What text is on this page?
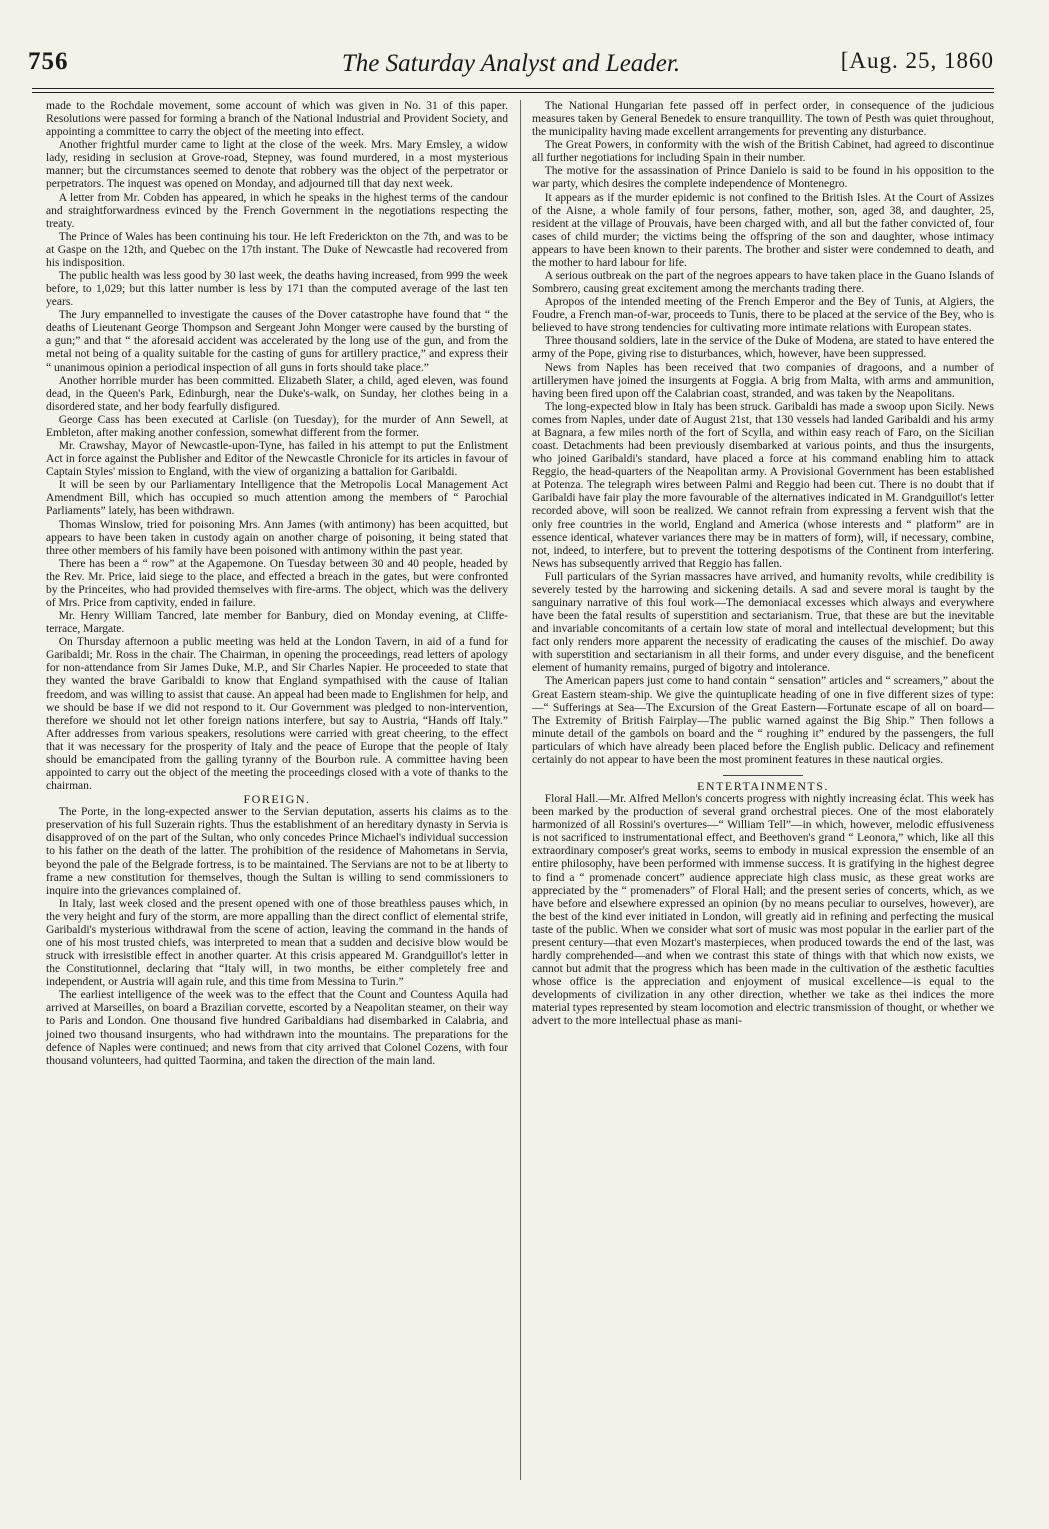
756	The Saturday Analyst and Leader.	[Aug. 25, 1860

made to the Rochdale movement, some account of which was given in No. 31 of this paper. Resolutions were passed for forming a branch of the National Industrial and Provident Society, and appointing a committee to carry the object of the meeting into effect.

Another frightful murder came to light at the close of the week. Mrs. Mary Emsley, a widow lady, residing in seclusion at Grove-road, Stepney, was found murdered, in a most mysterious manner; but the circumstances seemed to denote that robbery was the object of the perpetrator or perpetrators. The inquest was opened on Monday, and adjourned till that day next week.

A letter from Mr. Cobden has appeared, in which he speaks in the highest terms of the candour and straightforwardness evinced by the French Government in the negotiations respecting the treaty.

The Prince of Wales has been continuing his tour. He left Frederickton on the 7th, and was to be at Gaspe on the 12th, and Quebec on the 17th instant. The Duke of Newcastle had recovered from his indisposition.

The public health was less good by 30 last week, the deaths having increased, from 999 the week before, to 1,029; but this latter number is less by 171 than the computed average of the last ten years.

The Jury empannelled to investigate the causes of the Dover catastrophe have found that “ the deaths of Lieutenant George Thompson and Sergeant John Monger were caused by the bursting of a gun;” and that “ the aforesaid accident was accelerated by the long use of the gun, and from the metal not being of a quality suitable for the casting of guns for artillery practice,” and express their “ unanimous opinion a periodical inspection of all guns in forts should take place.”

Another horrible murder has been committed. Elizabeth Slater, a child, aged eleven, was found dead, in the Queen's Park, Edinburgh, near the Duke's-walk, on Sunday, her clothes being in a disordered state, and her body fearfully disfigured.

George Cass has been executed at Carlisle (on Tuesday), for the murder of Ann Sewell, at Embleton, after making another confession, somewhat different from the former.

Mr. Crawshay, Mayor of Newcastle-upon-Tyne, has failed in his attempt to put the Enlistment Act in force against the Publisher and Editor of the Newcastle Chronicle for its articles in favour of Captain Styles' mission to England, with the view of organizing a battalion for Garibaldi.

It will be seen by our Parliamentary Intelligence that the Metropolis Local Management Act Amendment Bill, which has occupied so much attention among the members of “ Parochial Parliaments” lately, has been withdrawn.

Thomas Winslow, tried for poisoning Mrs. Ann James (with antimony) has been acquitted, but appears to have been taken in custody again on another charge of poisoning, it being stated that three other members of his family have been poisoned with antimony within the past year.

There has been a “ row” at the Agapemone. On Tuesday between 30 and 40 people, headed by the Rev. Mr. Price, laid siege to the place, and effected a breach in the gates, but were confronted by the Princeites, who had provided themselves with fire-arms. The object, which was the delivery of Mrs. Price from captivity, ended in failure.

Mr. Henry William Tancred, late member for Banbury, died on Monday evening, at Cliffe-terrace, Margate.

On Thursday afternoon a public meeting was held at the London Tavern, in aid of a fund for Garibaldi; Mr. Ross in the chair. The Chairman, in opening the proceedings, read letters of apology for non-attendance from Sir James Duke, M.P., and Sir Charles Napier. He proceeded to state that they wanted the brave Garibaldi to know that England sympathised with the cause of Italian freedom, and was willing to assist that cause. An appeal had been made to Englishmen for help, and we should be base if we did not respond to it. Our Government was pledged to non-intervention, therefore we should not let other foreign nations interfere, but say to Austria, “Hands off Italy.” After addresses from various speakers, resolutions were carried with great cheering, to the effect that it was necessary for the prosperity of Italy and the peace of Europe that the people of Italy should be emancipated from the galling tyranny of the Bourbon rule. A committee having been appointed to carry out the object of the meeting the proceedings closed with a vote of thanks to the chairman.

FOREIGN.

The Porte, in the long-expected answer to the Servian deputation, asserts his claims as to the preservation of his full Suzerain rights. Thus the establishment of an hereditary dynasty in Servia is disapproved of on the part of the Sultan, who only concedes Prince Michael's individual succession to his father on the death of the latter. The prohibition of the residence of Mahometans in Servia, beyond the pale of the Belgrade fortress, is to be maintained. The Servians are not to be at liberty to frame a new constitution for themselves, though the Sultan is willing to send commissioners to inquire into the grievances complained of.

In Italy, last week closed and the present opened with one of those breathless pauses which, in the very height and fury of the storm, are more appalling than the direct conflict of elemental strife, Garibaldi's mysterious withdrawal from the scene of action, leaving the command in the hands of one of his most trusted chiefs, was interpreted to mean that a sudden and decisive blow would be struck with irresistible effect in another quarter. At this crisis appeared M. Grandguillot's letter in the Constitutionnel, declaring that “Italy will, in two months, be either completely free and independent, or Austria will again rule, and this time from Messina to Turin.”

The earliest intelligence of the week was to the effect that the Count and Countess Aquila had arrived at Marseilles, on board a Brazilian corvette, escorted by a Neapolitan steamer, on their way to Paris and London. One thousand five hundred Garibaldians had disembarked in Calabria, and joined two thousand insurgents, who had withdrawn into the mountains. The preparations for the defence of Naples were continued; and news from that city arrived that Colonel Cozens, with four thousand volunteers, had quitted Taormina, and taken the direction of the main land.

The National Hungarian fete passed off in perfect order, in consequence of the judicious measures taken by General Benedek to ensure tranquillity. The town of Pesth was quiet throughout, the municipality having made excellent arrangements for preventing any disturbance.

The Great Powers, in conformity with the wish of the British Cabinet, had agreed to discontinue all further negotiations for including Spain in their number.

The motive for the assassination of Prince Danielo is said to be found in his opposition to the war party, which desires the complete independence of Montenegro.

It appears as if the murder epidemic is not confined to the British Isles. At the Court of Assizes of the Aisne, a whole family of four persons, father, mother, son, aged 38, and daughter, 25, resident at the village of Prouvais, have been charged with, and all but the father convicted of, four cases of child murder; the victims being the offspring of the son and daughter, whose intimacy appears to have been known to their parents. The brother and sister were condemned to death, and the mother to hard labour for life.

A serious outbreak on the part of the negroes appears to have taken place in the Guano Islands of Sombrero, causing great excitement among the merchants trading there.

Apropos of the intended meeting of the French Emperor and the Bey of Tunis, at Algiers, the Foudre, a French man-of-war, proceeds to Tunis, there to be placed at the service of the Bey, who is believed to have strong tendencies for cultivating more intimate relations with European states.

Three thousand soldiers, late in the service of the Duke of Modena, are stated to have entered the army of the Pope, giving rise to disturbances, which, however, have been suppressed.

News from Naples has been received that two companies of dragoons, and a number of artillerymen have joined the insurgents at Foggia. A brig from Malta, with arms and ammunition, having been fired upon off the Calabrian coast, stranded, and was taken by the Neapolitans.

The long-expected blow in Italy has been struck. Garibaldi has made a swoop upon Sicily. News comes from Naples, under date of August 21st, that 130 vessels had landed Garibaldi and his army at Bagnara, a few miles north of the fort of Scylla, and within easy reach of Faro, on the Sicilian coast. Detachments had been previously disembarked at various points, and thus the insurgents, who joined Garibaldi's standard, have placed a force at his command enabling him to attack Reggio, the head-quarters of the Neapolitan army. A Provisional Government has been established at Potenza. The telegraph wires between Palmi and Reggio had been cut. There is no doubt that if Garibaldi have fair play the more favourable of the alternatives indicated in M. Grandguillot's letter recorded above, will soon be realized. We cannot refrain from expressing a fervent wish that the only free countries in the world, England and America (whose interests and “ platform” are in essence identical, whatever variances there may be in matters of form), will, if necessary, combine, not, indeed, to interfere, but to prevent the tottering despotisms of the Continent from interfering. News has subsequently arrived that Reggio has fallen.

Full particulars of the Syrian massacres have arrived, and humanity revolts, while credibility is severely tested by the harrowing and sickening details. A sad and severe moral is taught by the sanguinary narrative of this foul work—The demoniacal excesses which always and everywhere have been the fatal results of superstition and sectarianism. True, that these are but the inevitable and invariable concomitants of a certain low state of moral and intellectual development; but this fact only renders more apparent the necessity of eradicating the causes of the mischief. Do away with superstition and sectarianism in all their forms, and under every disguise, and the beneficent element of humanity remains, purged of bigotry and intolerance.

The American papers just come to hand contain “ sensation” articles and “ screamers,” about the Great Eastern steam-ship. We give the quintuplicate heading of one in five different sizes of type:—“ Sufferings at Sea—The Excursion of the Great Eastern—Fortunate escape of all on board—The Extremity of British Fairplay—The public warned against the Big Ship.” Then follows a minute detail of the gambols on board and the “ roughing it” endured by the passengers, the full particulars of which have already been placed before the English public. Delicacy and refinement certainly do not appear to have been the most prominent features in these nautical orgies.

ENTERTAINMENTS.

Floral Hall.—Mr. Alfred Mellon's concerts progress with nightly increasing éclat. This week has been marked by the production of several grand orchestral pieces. One of the most elaborately harmonized of all Rossini's overtures—“ William Tell”—in which, however, melodic effusiveness is not sacrificed to instrumentational effect, and Beethoven's grand “ Leonora,” which, like all this extraordinary composer's great works, seems to embody in musical expression the ensemble of an entire philosophy, have been performed with immense success. It is gratifying in the highest degree to find a “ promenade concert” audience appreciate high class music, as these great works are appreciated by the “ promenaders” of Floral Hall; and the present series of concerts, which, as we have before and elsewhere expressed an opinion (by no means peculiar to ourselves, however), are the best of the kind ever initiated in London, will greatly aid in refining and perfecting the musical taste of the public. When we consider what sort of music was most popular in the earlier part of the present century—that even Mozart's masterpieces, when produced towards the end of the last, was hardly comprehended—and when we contrast this state of things with that which now exists, we cannot but admit that the progress which has been made in the cultivation of the æsthetic faculties whose office is the appreciation and enjoyment of musical excellence—is equal to the developments of civilization in any other direction, whether we take as thei indices the more material types represented by steam locomotion and electric transmission of thought, or whether we advert to the more intellectual phase as mani-
